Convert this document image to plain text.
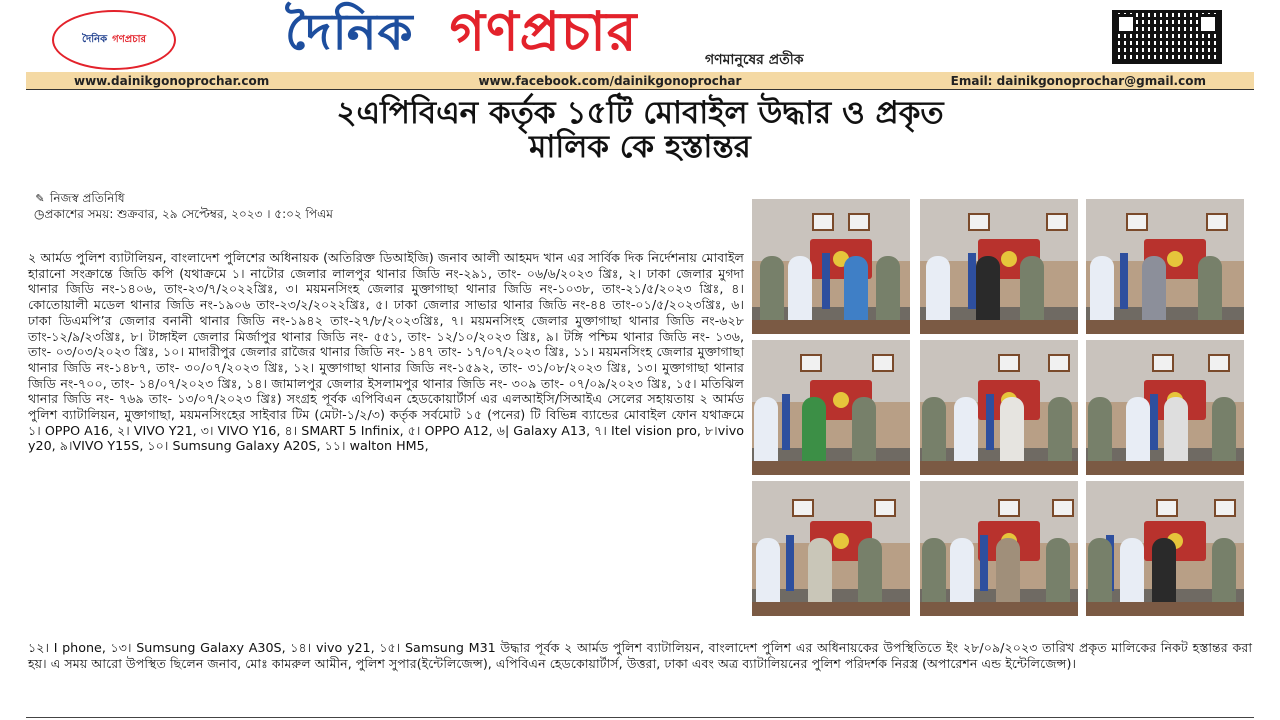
দৈনিক
গণপ্রচার	দৈনিক গণপ্রচার	গণমানুষের প্রতীক
www.dainikgonoprochar.com	www.facebook.com/dainikgonoprochar	Email: dainikgonoprochar@gmail.com
২এপিবিএন কর্তৃক ১৫টি মোবাইল উদ্ধার ও প্রকৃত
মালিক কে হস্তান্তর
✎ নিজস্ব প্রতিনিধি
◷প্রকাশের সময়: শুক্রবার, ২৯ সেপ্টেম্বর, ২০২৩ । ৫:০২ পিএম
২ আর্মড পুলিশ ব্যাটালিয়ন, বাংলাদেশ পুলিশের অধিনায়ক (অতিরিক্ত ডিআইজি) জনাব আলী আহমদ খান এর সার্বিক দিক নির্দেশনায় মোবাইল হারানো সংক্রান্তে জিডি কপি (যথাক্রমে ১। নাটোর জেলার লালপুর থানার জিডি নং-২৯১, তাং- ০৬/৬/২০২৩ খ্রিঃ, ২। ঢাকা জেলার মুগদা থানার জিডি নং-১৪০৬, তাং-২৩/৭/২০২২খ্রিঃ, ৩। ময়মনসিংহ জেলার মুক্তাগাছা থানার জিডি নং-১০৩৮, তাং-২১/৫/২০২৩ খ্রিঃ, ৪। কোতোয়ালী মডেল থানার জিডি নং-১৯০৬ তাং-২৩/২/২০২২খ্রিঃ, ৫। ঢাকা জেলার সাভার থানার জিডি নং-৪৪ তাং-০১/৫/২০২৩খ্রিঃ, ৬। ঢাকা ডিএমপি’র জেলার বনানী থানার জিডি নং-১৯৪২ তাং-২৭/৮/২০২৩খ্রিঃ, ৭। ময়মনসিংহ জেলার মুক্তাগাছা থানার জিডি নং-৬২৮ তাং-১২/৯/২৩খ্রিঃ, ৮। টাঙ্গাইল জেলার মির্জাপুর থানার জিডি নং- ৫৫১, তাং- ১২/১০/২০২৩ খ্রিঃ, ৯। টঙ্গি পশ্চিম থানার জিডি নং- ১৩৬, তাং- ০৩/০৩/২০২৩ খ্রিঃ, ১০। মাদারীপুর জেলার রাজৈর থানার জিডি নং- ১৪৭ তাং- ১৭/০৭/২০২৩ খ্রিঃ, ১১। ময়মনসিংহ জেলার মুক্তাগাছা থানার জিডি নং-১৪৮৭, তাং- ৩০/০৭/২০২৩ খ্রিঃ, ১২। মুক্তাগাছা থানার জিডি নং-১৫৯২, তাং- ৩১/০৮/২০২৩ খ্রিঃ, ১৩। মুক্তাগাছা থানার জিডি নং-৭০০, তাং- ১৪/০৭/২০২৩ খ্রিঃ, ১৪। জামালপুর জেলার ইসলামপুর থানার জিডি নং- ৩০৯ তাং- ০৭/০৯/২০২৩ খ্রিঃ, ১৫। মতিঝিল থানার জিডি নং- ৭৬৯ তাং- ১৩/০৭/২০২৩ খ্রিঃ) সংগ্রহ পূর্বক এপিবিএন হেডকোয়ার্টার্স এর এলআইসি/সিআইএ সেলের সহায়তায় ২ আর্মড পুলিশ ব্যাটালিয়ন, মুক্তাগাছা, ময়মনসিংহের সাইবার টিম (মেটা-১/২/৩) কর্তৃক সর্বমোট ১৫ (পনের) টি বিভিন্ন ব্যান্ডের মোবাইল ফোন যথাক্রমে ১। OPPO A16, ২। VIVO Y21, ৩। VIVO Y16, ৪। SMART 5 Infinix, ৫। OPPO A12, ৬| Galaxy A13, ৭। Itel vision pro, ৮।vivo y20, ৯।VIVO Y15S, ১০। Sumsung Galaxy A20S, ১১। walton HM5,
১২। I phone, ১৩। Sumsung Galaxy A30S, ১৪। vivo y21, ১৫। Samsung M31 উদ্ধার পূর্বক ২ আর্মড পুলিশ ব্যাটালিয়ন, বাংলাদেশ পুলিশ এর অধিনায়কের উপস্থিতিতে ইং ২৮/০৯/২০২৩ তারিখ প্রকৃত মালিকের নিকট হস্তান্তর করা হয়। এ সময় আরো উপস্থিত ছিলেন জনাব, মোঃ কামরুল আমীন, পুলিশ সুপার(ইন্টেলিজেন্স), এপিবিএন হেডকোয়ার্টার্স, উত্তরা, ঢাকা এবং অত্র ব্যাটালিয়নের পুলিশ পরিদর্শক নিরস্ত্র (অপারেশন এন্ড ইন্টেলিজেন্স)।
